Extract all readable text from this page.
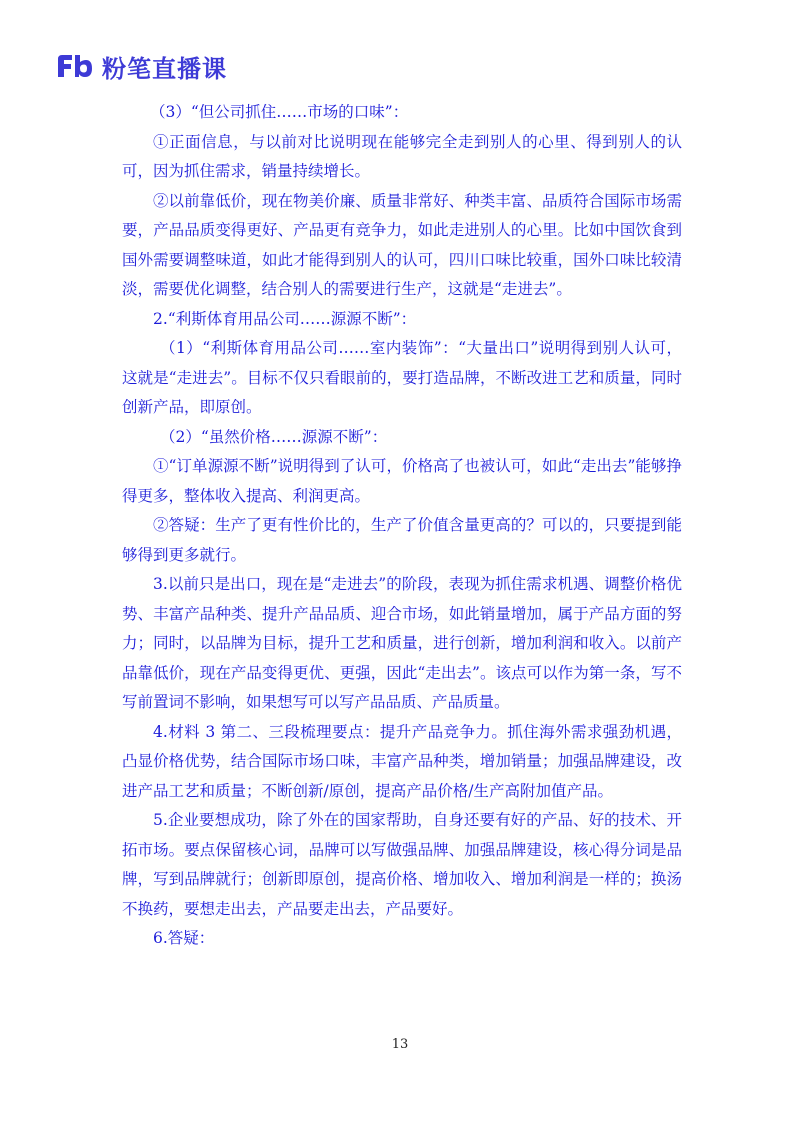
粉笔直播课

（3）“但公司抓住……市场的口味”：

①正面信息，与以前对比说明现在能够完全走到别人的心里、得到别人的认可，因为抓住需求，销量持续增长。

②以前靠低价，现在物美价廉、质量非常好、种类丰富、品质符合国际市场需要，产品品质变得更好、产品更有竞争力，如此走进别人的心里。比如中国饮食到国外需要调整味道，如此才能得到别人的认可，四川口味比较重，国外口味比较清淡，需要优化调整，结合别人的需要进行生产，这就是“走进去”。

2.“利斯体育用品公司……源源不断”：

（1）“利斯体育用品公司……室内装饰”：“大量出口”说明得到别人认可，这就是“走进去”。目标不仅只看眼前的，要打造品牌，不断改进工艺和质量，同时创新产品，即原创。

（2）“虽然价格……源源不断”：

①“订单源源不断”说明得到了认可，价格高了也被认可，如此“走出去”能够挣得更多，整体收入提高、利润更高。

②答疑：生产了更有性价比的，生产了价值含量更高的？可以的，只要提到能够得到更多就行。

3.以前只是出口，现在是“走进去”的阶段，表现为抓住需求机遇、调整价格优势、丰富产品种类、提升产品品质、迎合市场，如此销量增加，属于产品方面的努力；同时，以品牌为目标，提升工艺和质量，进行创新，增加利润和收入。以前产品靠低价，现在产品变得更优、更强，因此“走出去”。该点可以作为第一条，写不写前置词不影响，如果想写可以写产品品质、产品质量。

4.材料 3 第二、三段梳理要点：提升产品竞争力。抓住海外需求强劲机遇，凸显价格优势，结合国际市场口味，丰富产品种类，增加销量；加强品牌建设，改进产品工艺和质量；不断创新/原创，提高产品价格/生产高附加值产品。

5.企业要想成功，除了外在的国家帮助，自身还要有好的产品、好的技术、开拓市场。要点保留核心词，品牌可以写做强品牌、加强品牌建设，核心得分词是品牌，写到品牌就行；创新即原创，提高价格、增加收入、增加利润是一样的；换汤不换药，要想走出去，产品要走出去，产品要好。

6.答疑：

13
